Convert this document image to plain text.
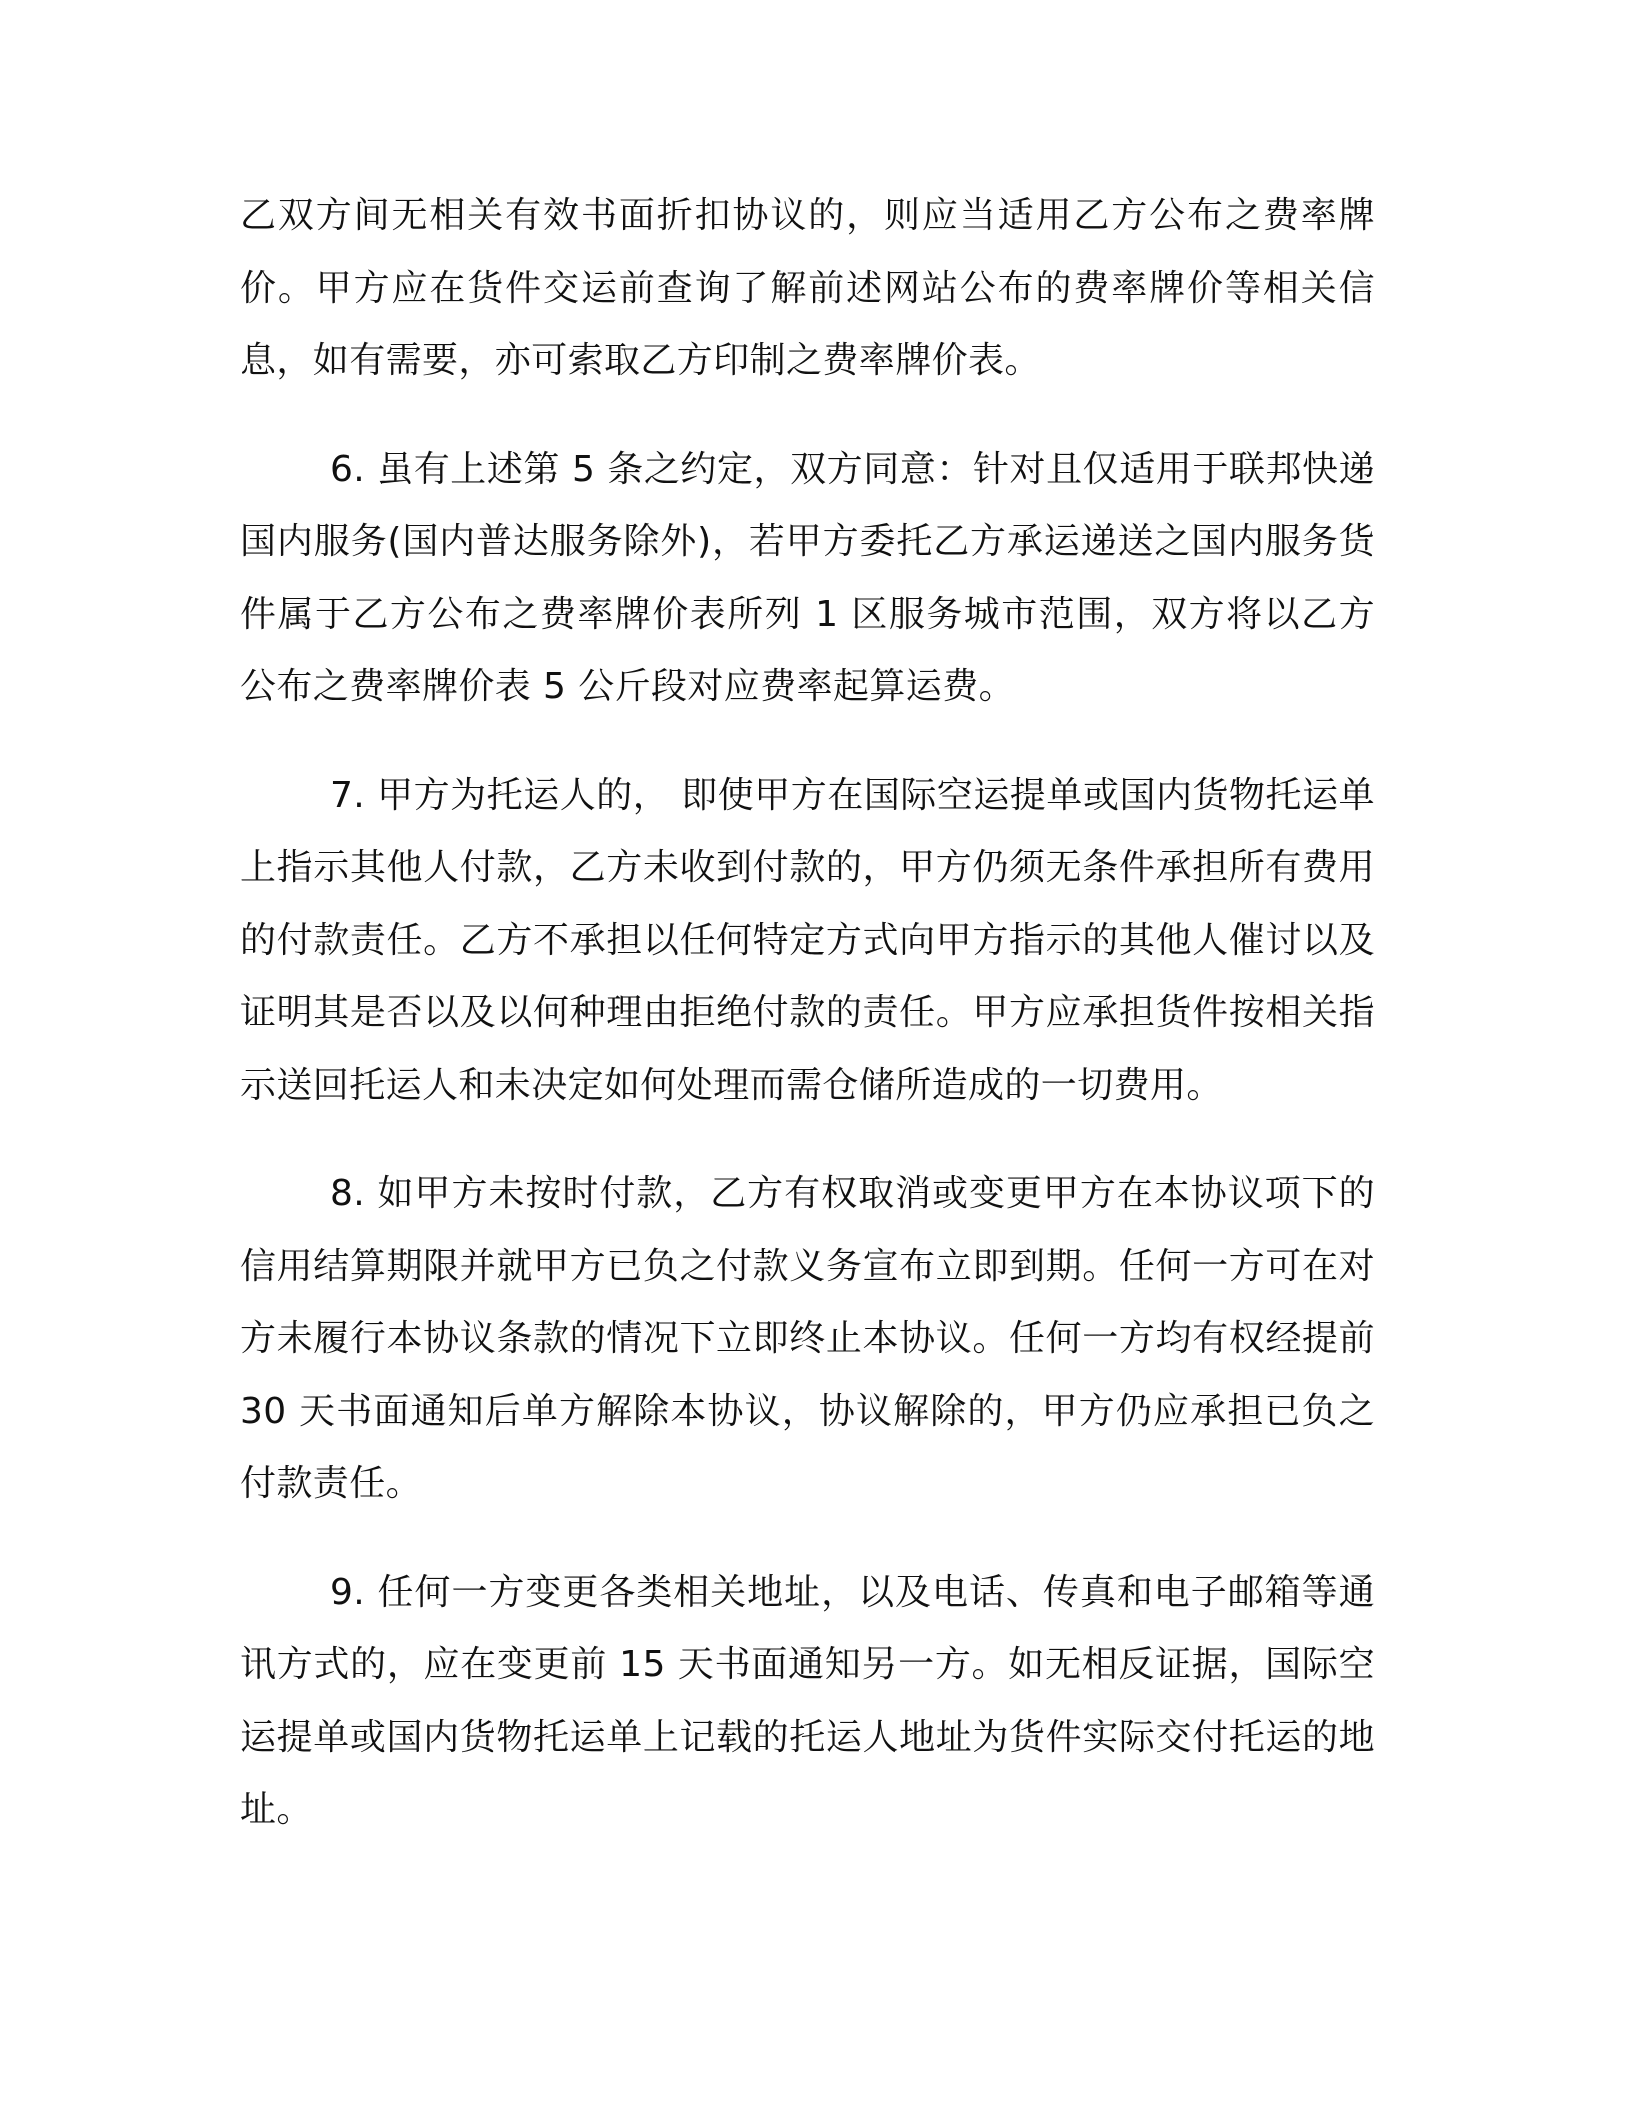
乙双方间无相关有效书面折扣协议的，则应当适用乙方公布之费率牌价。甲方应在货件交运前查询了解前述网站公布的费率牌价等相关信息，如有需要，亦可索取乙方印制之费率牌价表。

6. 虽有上述第 5 条之约定，双方同意：针对且仅适用于联邦快递国内服务(国内普达服务除外)，若甲方委托乙方承运递送之国内服务货件属于乙方公布之费率牌价表所列 1 区服务城市范围，双方将以乙方公布之费率牌价表 5 公斤段对应费率起算运费。

7. 甲方为托运人的， 即使甲方在国际空运提单或国内货物托运单上指示其他人付款，乙方未收到付款的，甲方仍须无条件承担所有费用的付款责任。乙方不承担以任何特定方式向甲方指示的其他人催讨以及证明其是否以及以何种理由拒绝付款的责任。甲方应承担货件按相关指示送回托运人和未决定如何处理而需仓储所造成的一切费用。

8. 如甲方未按时付款，乙方有权取消或变更甲方在本协议项下的信用结算期限并就甲方已负之付款义务宣布立即到期。任何一方可在对方未履行本协议条款的情况下立即终止本协议。任何一方均有权经提前 30 天书面通知后单方解除本协议，协议解除的，甲方仍应承担已负之付款责任。

9. 任何一方变更各类相关地址，以及电话、传真和电子邮箱等通讯方式的，应在变更前 15 天书面通知另一方。如无相反证据，国际空运提单或国内货物托运单上记载的托运人地址为货件实际交付托运的地址。
